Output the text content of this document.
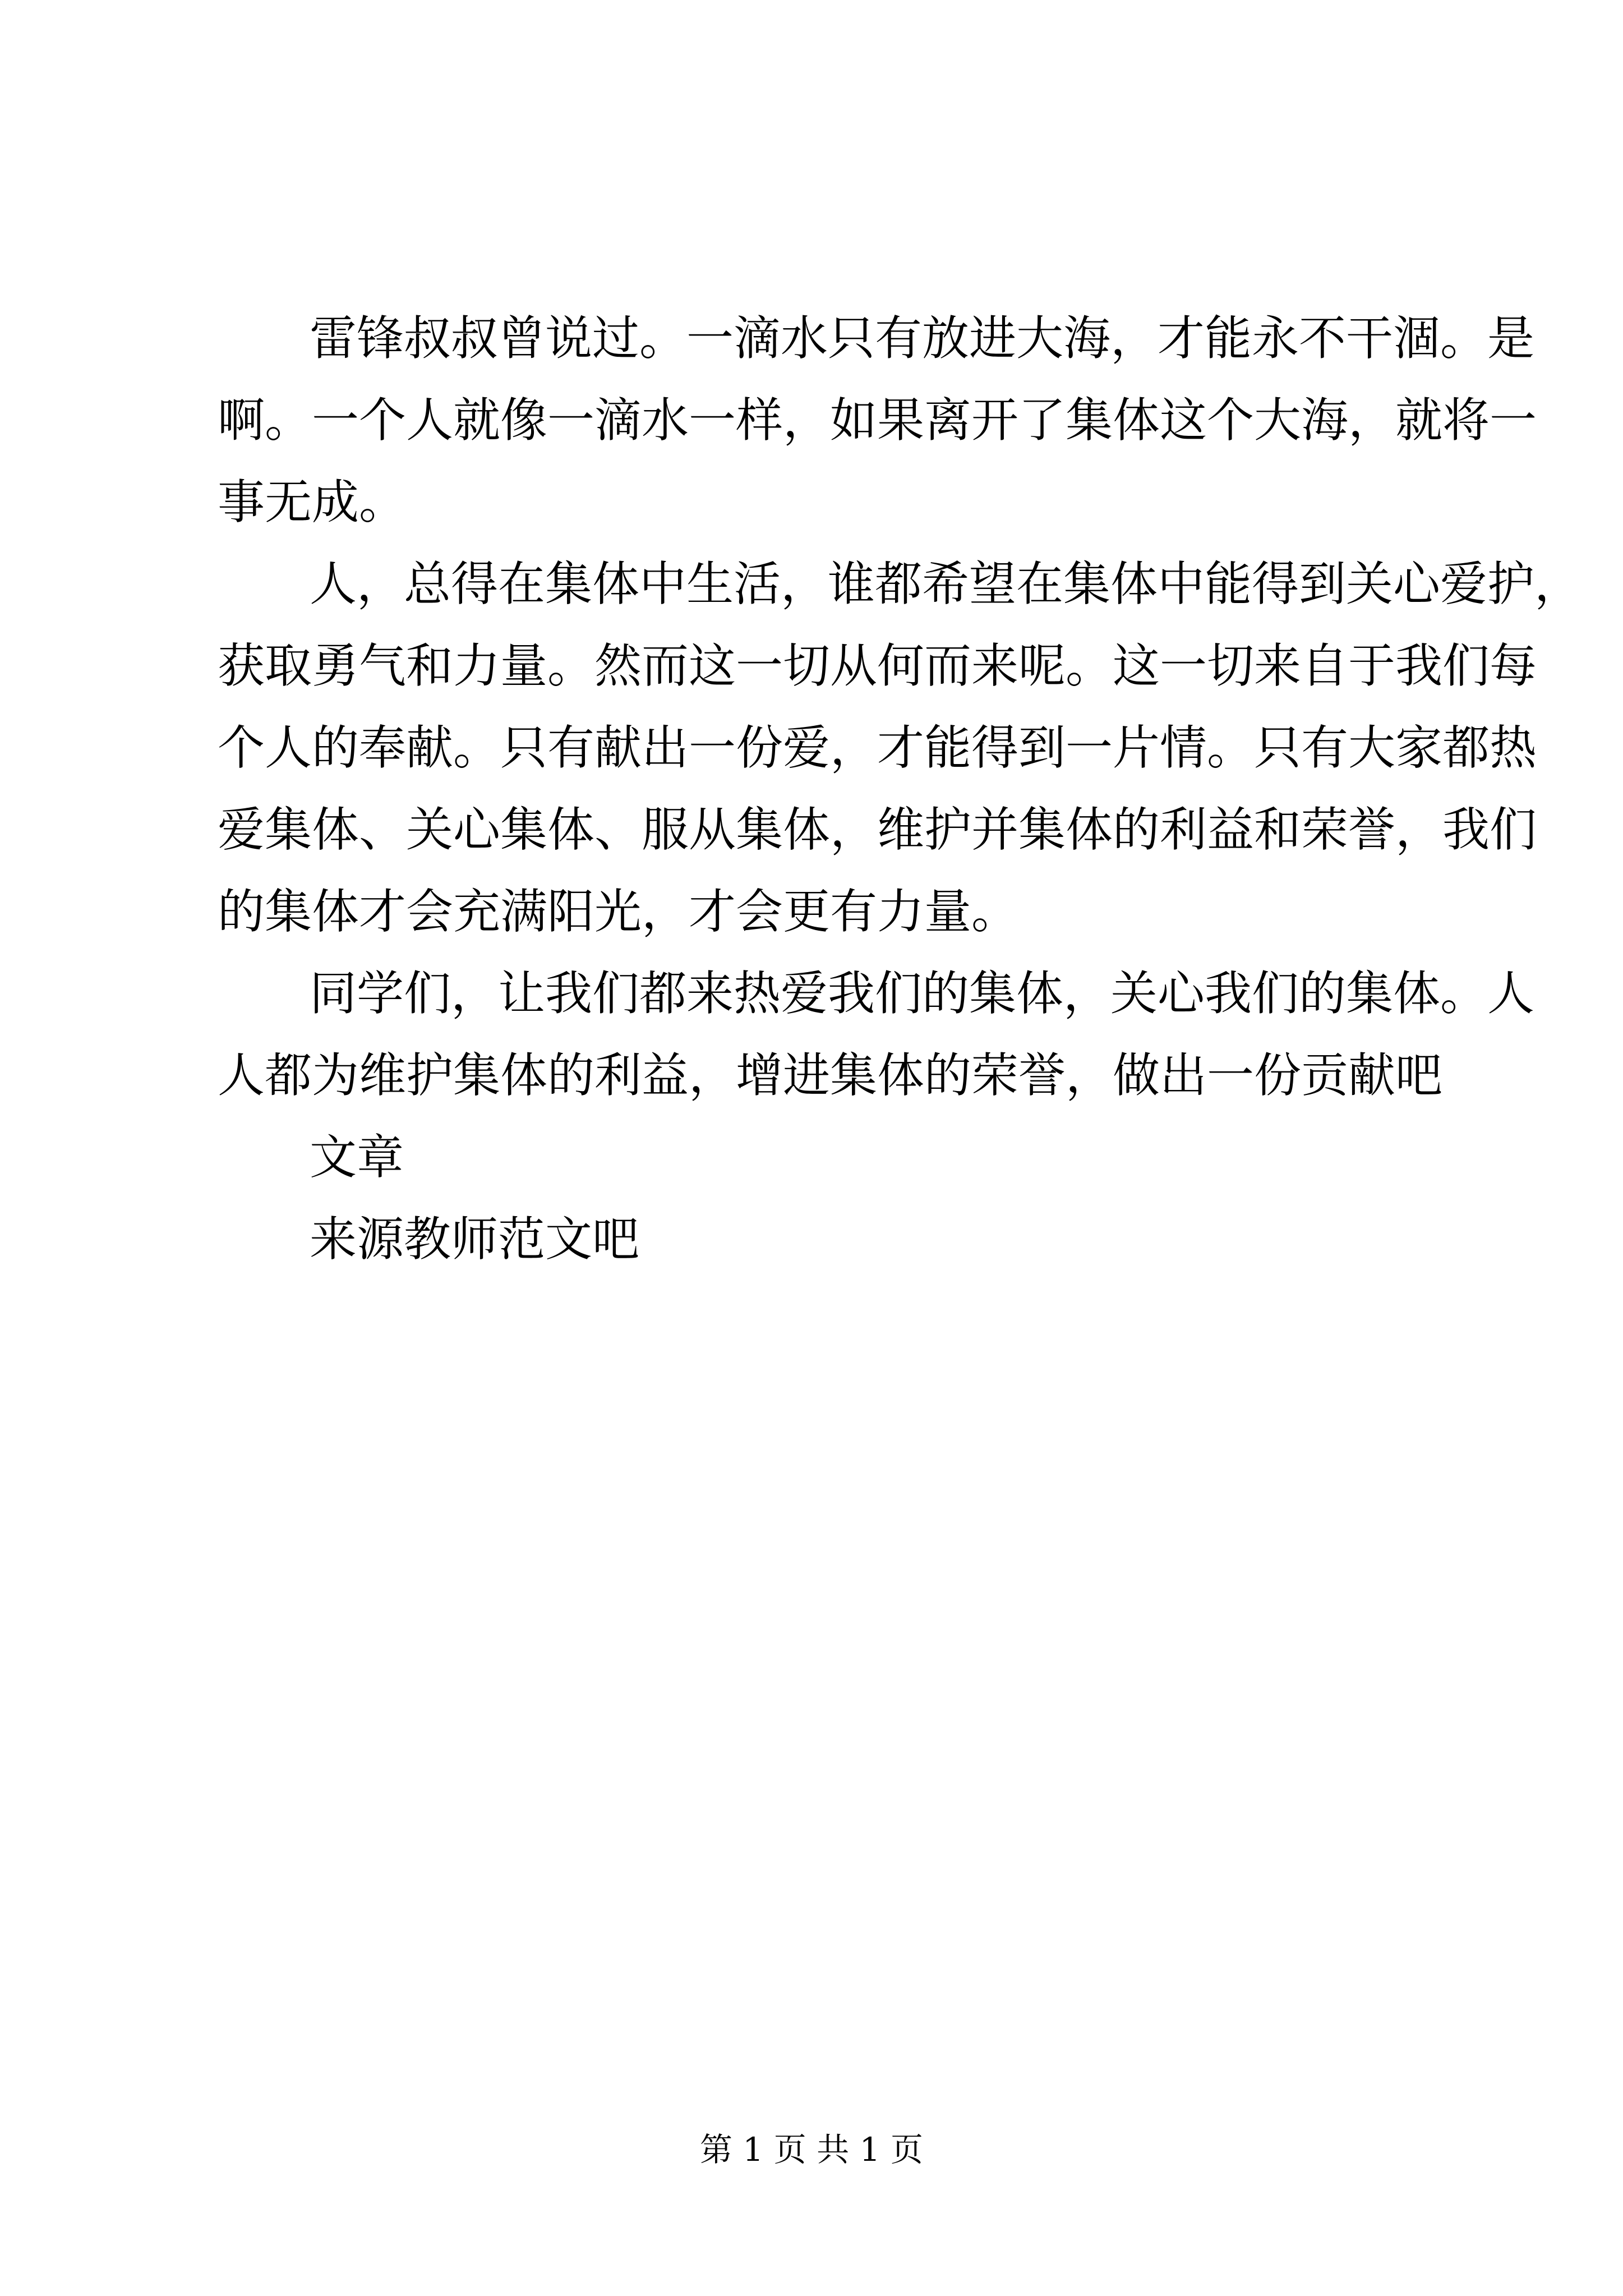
雷锋叔叔曾说过。一滴水只有放进大海，才能永不干涸。是
啊。一个人就像一滴水一样，如果离开了集体这个大海，就将一
事无成。
人，总得在集体中生活，谁都希望在集体中能得到关心爱护，
获取勇气和力量。然而这一切从何而来呢。这一切来自于我们每
个人的奉献。只有献出一份爱，才能得到一片情。只有大家都热
爱集体、关心集体、服从集体，维护并集体的利益和荣誉，我们
的集体才会充满阳光，才会更有力量。
同学们，让我们都来热爱我们的集体，关心我们的集体。人
人都为维护集体的利益，增进集体的荣誉，做出一份贡献吧
文章
来源教师范文吧
第 1 页 共 1 页
